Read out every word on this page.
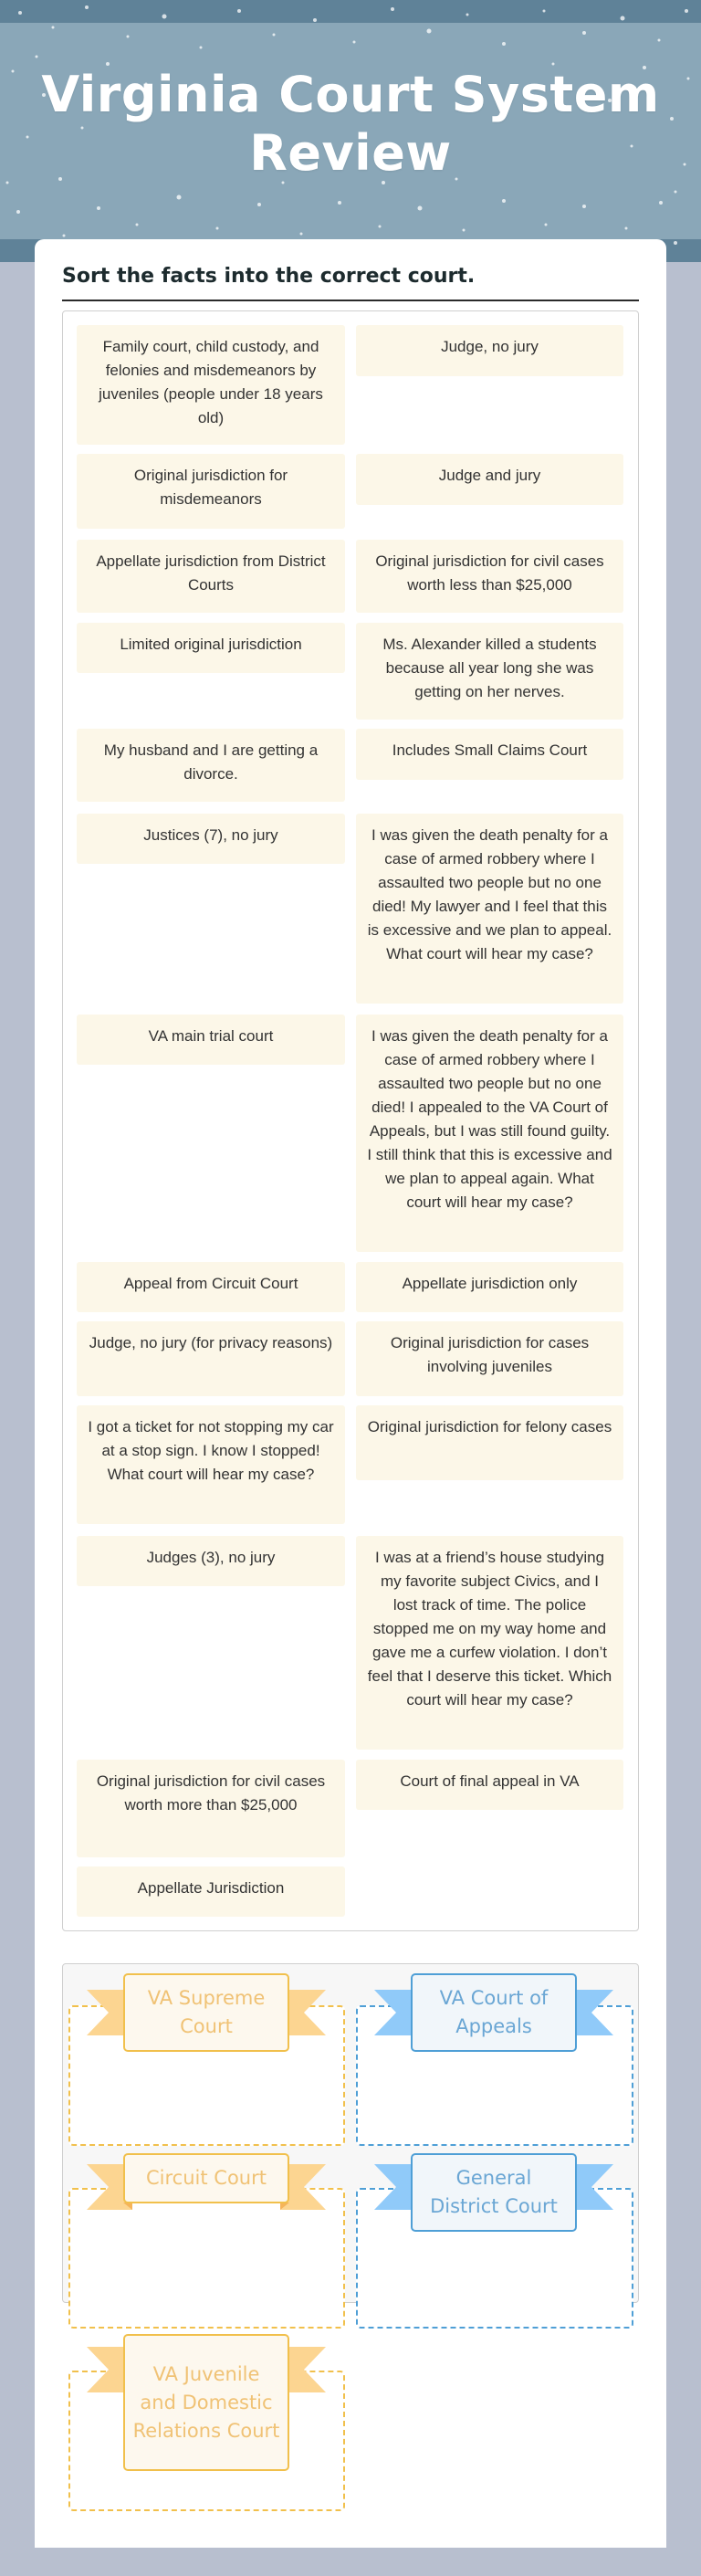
Virginia Court System Review
Sort the facts into the correct court.
Family court, child custody, and felonies and misdemeanors by juveniles (people under 18 years old)
Judge, no jury
Original jurisdiction for misdemeanors
Judge and jury
Appellate jurisdiction from District Courts
Original jurisdiction for civil cases worth less than $25,000
Limited original jurisdiction	Ms. Alexander killed a students because all year long she was getting on her nerves.
My husband and I are getting a divorce.
Includes Small Claims Court
Justices (7), no jury	I was given the death penalty for a case of armed robbery where I assaulted two people but no one died! My lawyer and I feel that this is excessive and we plan to appeal. What court will hear my case?
VA main trial court	I was given the death penalty for a case of armed robbery where I assaulted two people but no one died! I appealed to the VA Court of Appeals, but I was still found guilty. I still think that this is excessive and we plan to appeal again. What court will hear my case?
Appeal from Circuit Court	Appellate jurisdiction only
Judge, no jury (for privacy reasons)	Original jurisdiction for cases involving juveniles
I got a ticket for not stopping my car at a stop sign. I know I stopped! What court will hear my case?
Original jurisdiction for felony cases
Judges (3), no jury	I was at a friend’s house studying my favorite subject Civics, and I lost track of time. The police stopped me on my way home and gave me a curfew violation. I don’t feel that I deserve this ticket. Which court will hear my case?
Original jurisdiction for civil cases worth more than $25,000
Court of final appeal in VA
Appellate Jurisdiction
VA Supreme Court
VA Court of Appeals
Circuit Court	General District Court
VA Juvenile and Domestic Relations Court
